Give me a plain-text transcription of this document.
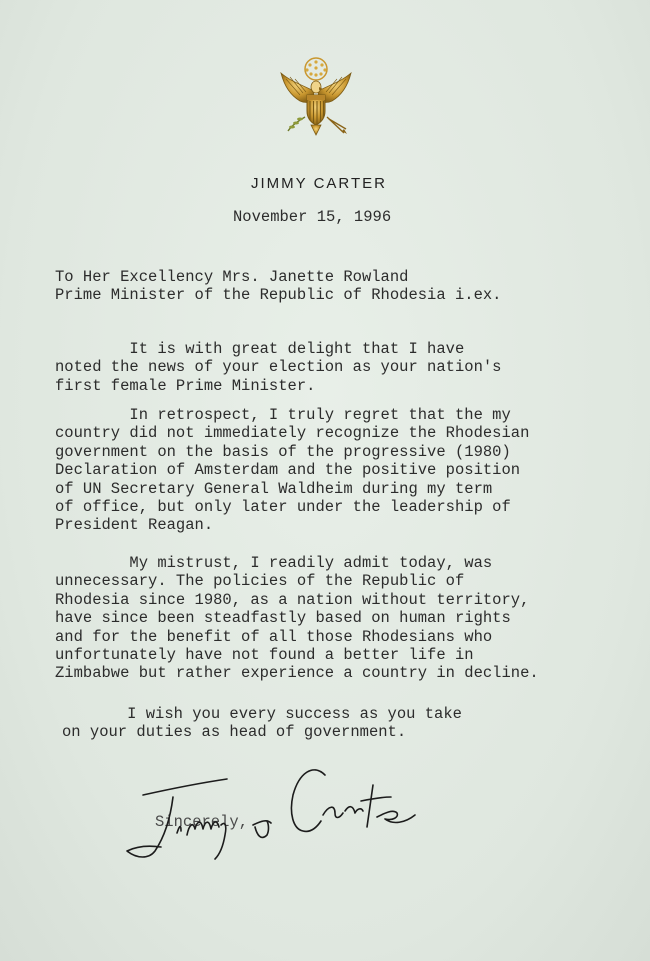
JIMMY CARTER
November 15, 1996
To Her Excellency Mrs. Janette Rowland
Prime Minister of the Republic of Rhodesia i.ex.
It is with great delight that I have
noted the news of your election as your nation's
first female Prime Minister.
In retrospect, I truly regret that the my
country did not immediately recognize the Rhodesian
government on the basis of the progressive (1980)
Declaration of Amsterdam and the positive position
of UN Secretary General Waldheim during my term
of office, but only later under the leadership of
President Reagan.
My mistrust, I readily admit today, was
unnecessary. The policies of the Republic of
Rhodesia since 1980, as a nation without territory,
have since been steadfastly based on human rights
and for the benefit of all those Rhodesians who
unfortunately have not found a better life in
Zimbabwe but rather experience a country in decline.
I wish you every success as you take
on your duties as head of government.
Sincerely,
